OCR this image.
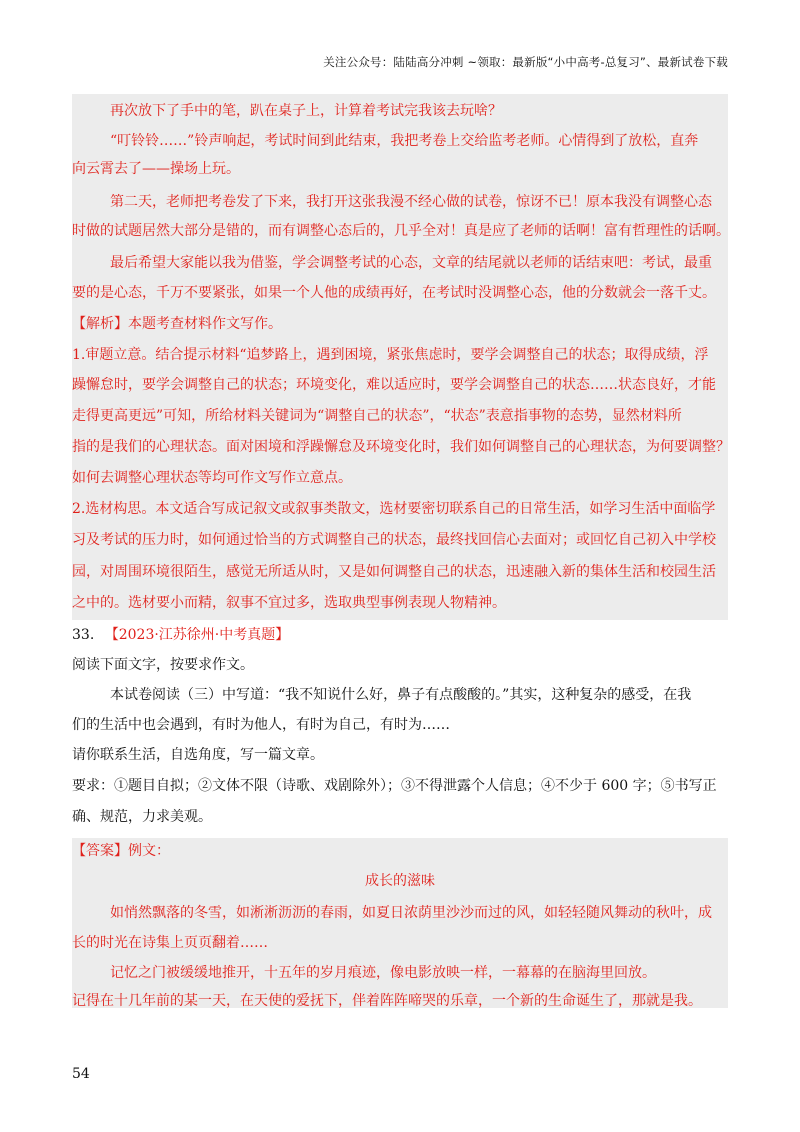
关注公众号：陆陆高分冲刺 ~领取：最新版“小中高考-总复习”、最新试卷下载
再次放下了手中的笔，趴在桌子上，计算着考试完我该去玩啥？
“叮铃铃……”铃声响起，考试时间到此结束，我把考卷上交给监考老师。心情得到了放松，直奔
向云霄去了——操场上玩。
第二天，老师把考卷发了下来，我打开这张我漫不经心做的试卷，惊讶不已！原本我没有调整心态
时做的试题居然大部分是错的，而有调整心态后的，几乎全对！真是应了老师的话啊！富有哲理性的话啊。
最后希望大家能以我为借鉴，学会调整考试的心态，文章的结尾就以老师的话结束吧：考试，最重
要的是心态，千万不要紧张，如果一个人他的成绩再好，在考试时没调整心态，他的分数就会一落千丈。
【解析】本题考查材料作文写作。
1.审题立意。结合提示材料“追梦路上，遇到困境，紧张焦虑时，要学会调整自己的状态；取得成绩，浮
躁懈怠时，要学会调整自己的状态；环境变化，难以适应时，要学会调整自己的状态……状态良好，才能
走得更高更远”可知，所给材料关键词为“调整自己的状态”，“状态”表意指事物的态势，显然材料所
指的是我们的心理状态。面对困境和浮躁懈怠及环境变化时，我们如何调整自己的心理状态，为何要调整？
如何去调整心理状态等均可作文写作立意点。
2.选材构思。本文适合写成记叙文或叙事类散文，选材要密切联系自己的日常生活，如学习生活中面临学
习及考试的压力时，如何通过恰当的方式调整自己的状态，最终找回信心去面对；或回忆自己初入中学校
园，对周围环境很陌生，感觉无所适从时，又是如何调整自己的状态，迅速融入新的集体生活和校园生活
之中的。选材要小而精，叙事不宜过多，选取典型事例表现人物精神。
33. 【2023·江苏徐州·中考真题】
阅读下面文字，按要求作文。
本试卷阅读（三）中写道：“我不知说什么好，鼻子有点酸酸的。”其实，这种复杂的感受，在我
们的生活中也会遇到，有时为他人，有时为自己，有时为……
请你联系生活，自选角度，写一篇文章。
要求：①题目自拟；②文体不限（诗歌、戏剧除外）；③不得泄露个人信息；④不少于 600 字；⑤书写正
确、规范，力求美观。
【答案】例文：
成长的滋味
如悄然飘落的冬雪，如淅淅沥沥的春雨，如夏日浓荫里沙沙而过的风，如轻轻随风舞动的秋叶，成
长的时光在诗集上页页翻着……
记忆之门被缓缓地推开，十五年的岁月痕迹，像电影放映一样，一幕幕的在脑海里回放。
记得在十几年前的某一天，在天使的爱抚下，伴着阵阵啼哭的乐章，一个新的生命诞生了，那就是我。
54
